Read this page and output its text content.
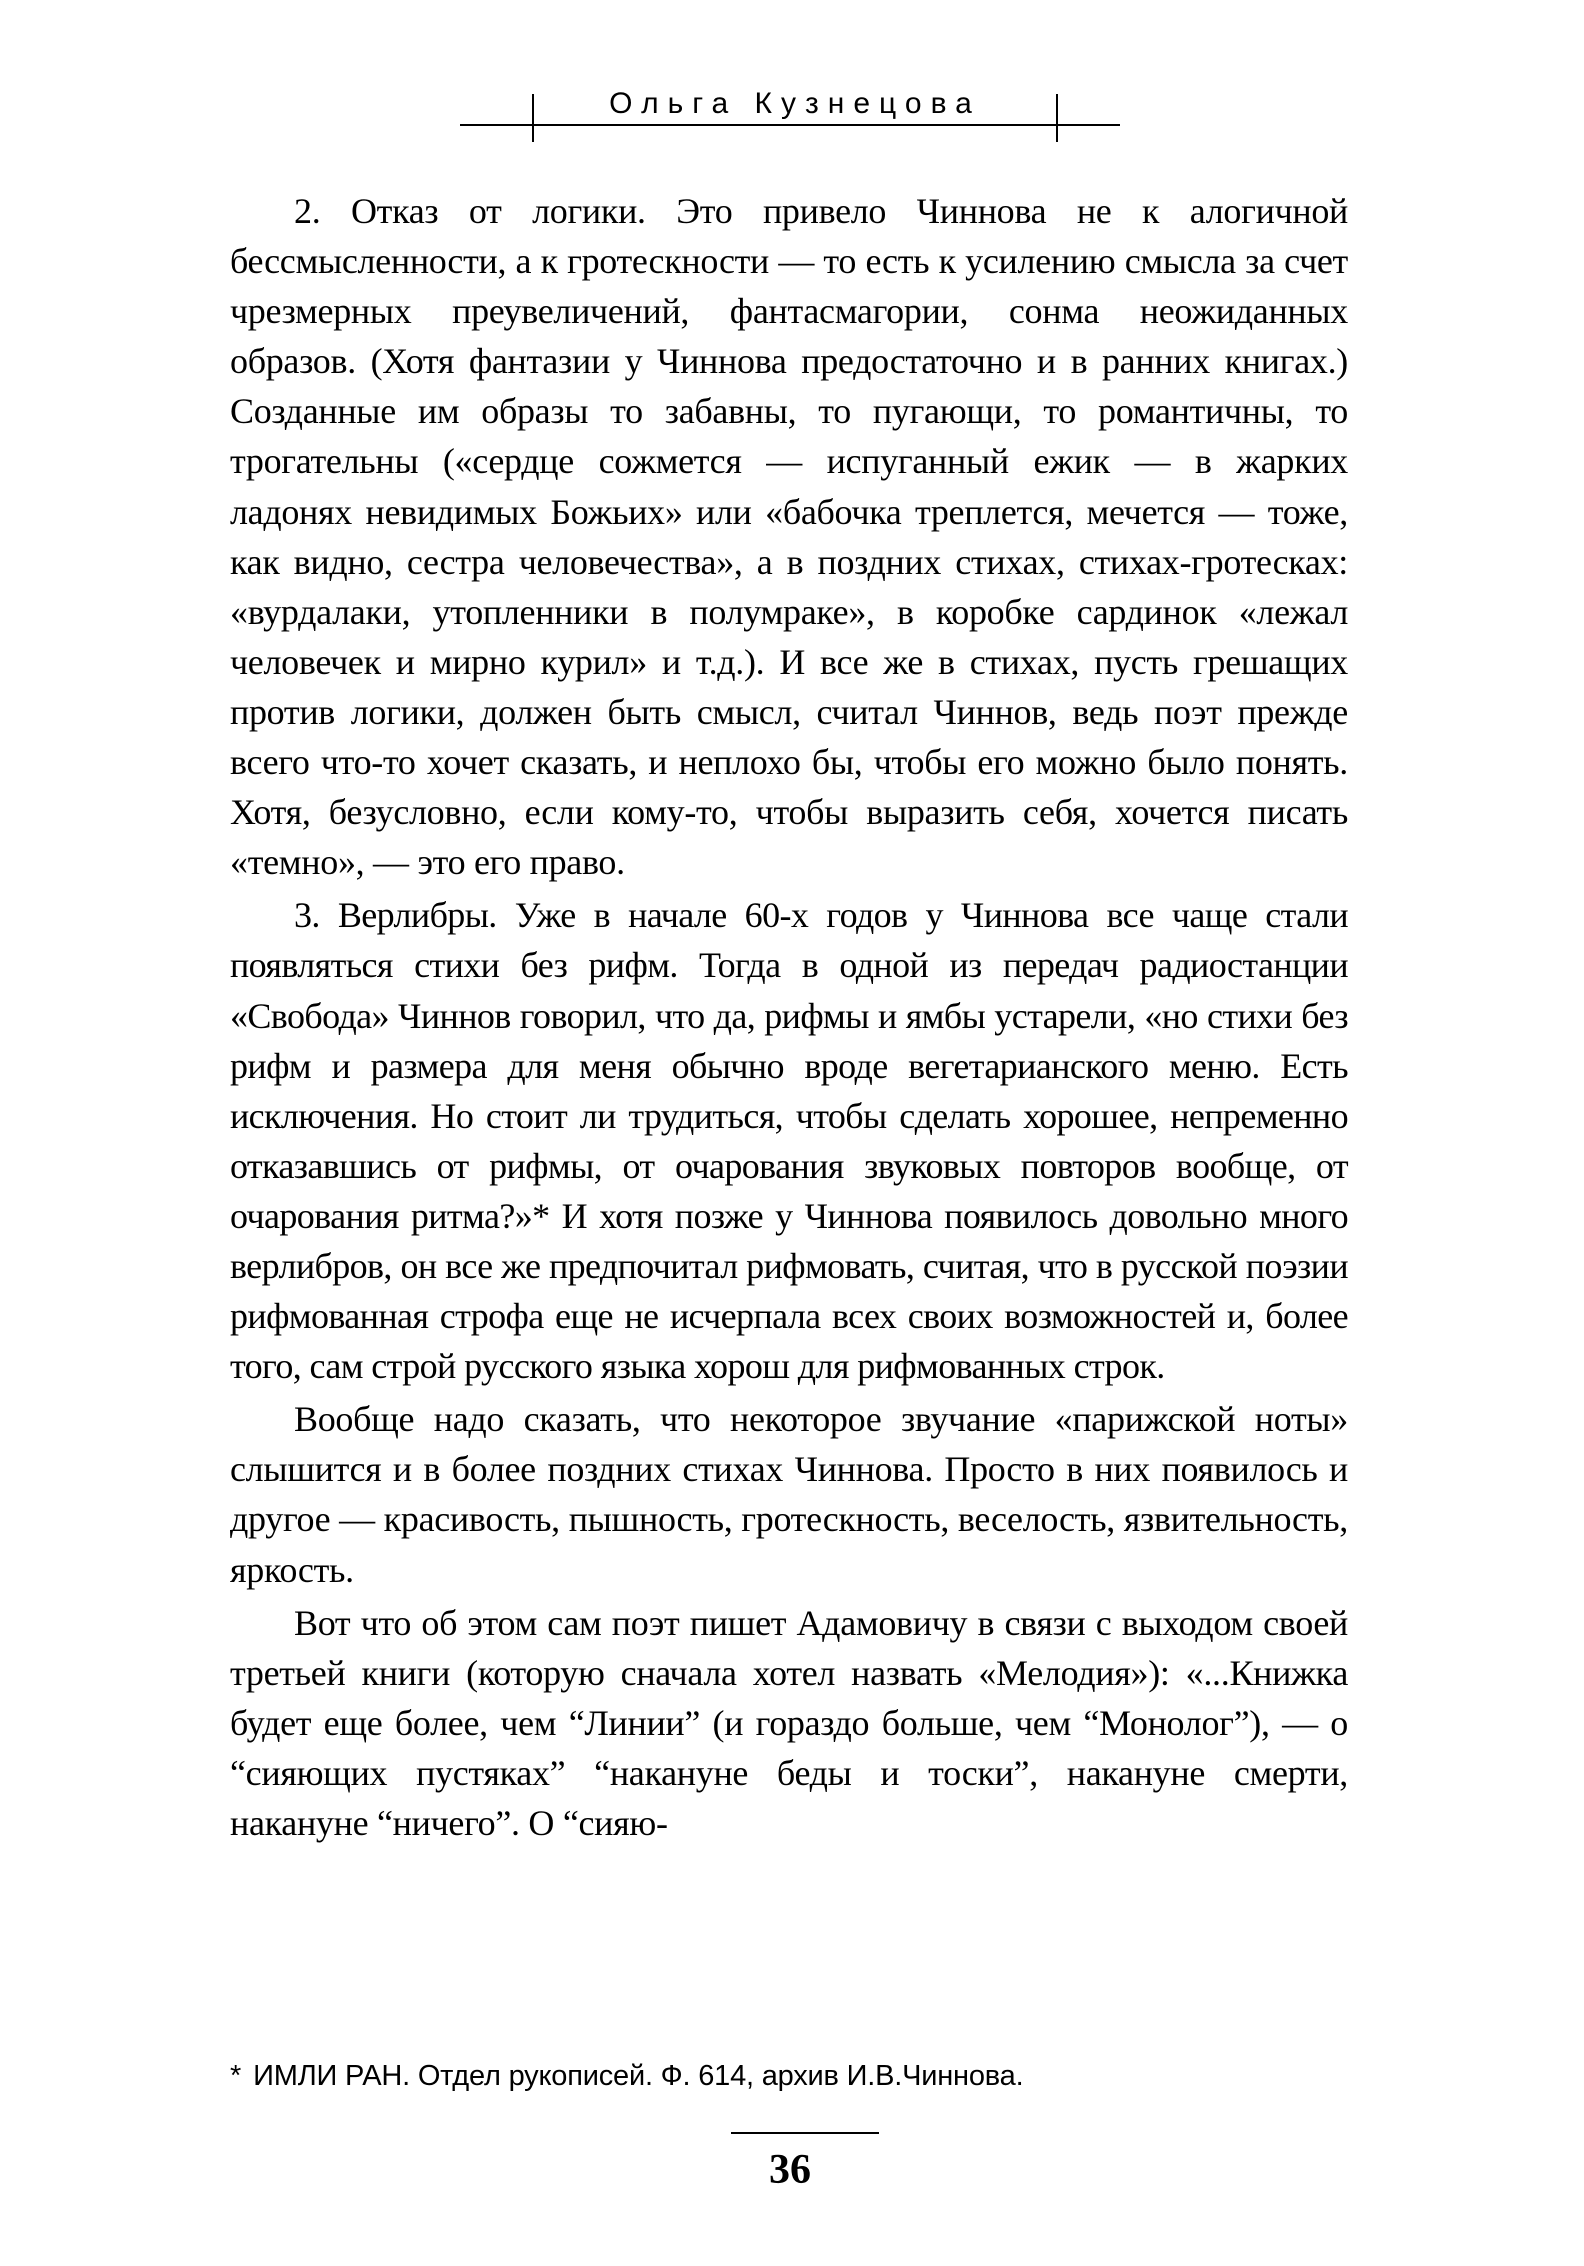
Ольга Кузнецова

2. Отказ от логики. Это привело Чиннова не к алогичной бессмысленности, а к гротескности — то есть к усилению смысла за счет чрезмерных преувеличений, фантасмагории, сонма неожиданных образов. (Хотя фантазии у Чиннова предостаточно и в ранних книгах.) Созданные им образы то забавны, то пугающи, то романтичны, то трогательны («сердце сожмется — испуганный ежик — в жарких ладонях невидимых Божьих» или «бабочка треплется, мечется — тоже, как видно, сестра человечества», а в поздних стихах, стихах-гротесках: «вурдалаки, утопленники в полумраке», в коробке сардинок «лежал человечек и мирно курил» и т.д.). И все же в стихах, пусть грешащих против логики, должен быть смысл, считал Чиннов, ведь поэт прежде всего что-то хочет сказать, и неплохо бы, чтобы его можно было понять. Хотя, безусловно, если кому-то, чтобы выразить себя, хочется писать «темно», — это его право.

3. Верлибры. Уже в начале 60-х годов у Чиннова все чаще стали появляться стихи без рифм. Тогда в одной из передач радиостанции «Свобода» Чиннов говорил, что да, рифмы и ямбы устарели, «но стихи без рифм и размера для меня обычно вроде вегетарианского меню. Есть исключения. Но стоит ли трудиться, чтобы сделать хорошее, непременно отказавшись от рифмы, от очарования звуковых повторов вообще, от очарования ритма?»* И хотя позже у Чиннова появилось довольно много верлибров, он все же предпочитал рифмовать, считая, что в русской поэзии рифмованная строфа еще не исчерпала всех своих возможностей и, более того, сам строй русского языка хорош для рифмованных строк.

Вообще надо сказать, что некоторое звучание «парижской ноты» слышится и в более поздних стихах Чиннова. Просто в них появилось и другое — красивость, пышность, гротескность, веселость, язвительность, яркость.

Вот что об этом сам поэт пишет Адамовичу в связи с выходом своей третьей книги (которую сначала хотел назвать «Мелодия»): «...Книжка будет еще более, чем “Линии” (и гораздо больше, чем “Монолог”), — о “сияющих пустяках” “накануне беды и тоски”, накануне смерти, накануне “ничего”. О “сияю-

* ИМЛИ РАН. Отдел рукописей. Ф. 614, архив И.В.Чиннова.
36
